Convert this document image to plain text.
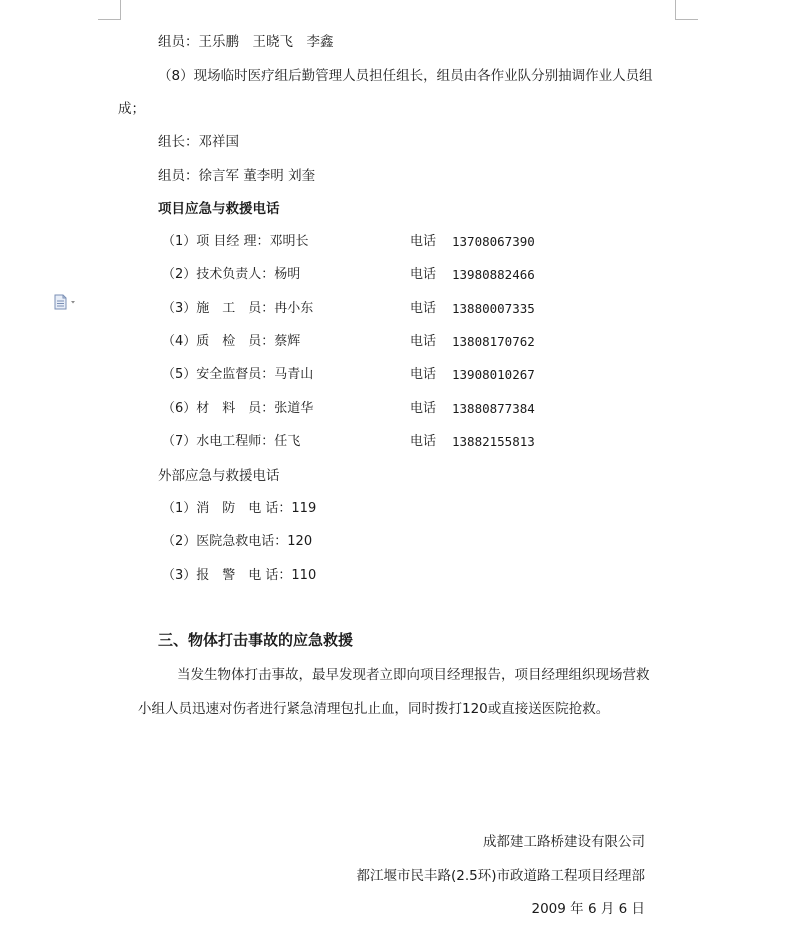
组员：王乐鹏　王晓飞　李鑫
（8）现场临时医疗组后勤管理人员担任组长，组员由各作业队分别抽调作业人员组
成；
组长：邓祥国
组员：徐言军 董李明 刘奎
项目应急与救援电话
（1）项 目经 理：邓明长	电话 13708067390
（2）技术负责人：杨明	电话 13980882466
（3）施　工　员：冉小东	电话 13880007335
（4）质　检　员：蔡辉	电话 13808170762
（5）安全监督员：马青山	电话 13908010267
（6）材　料　员：张道华	电话 13880877384
（7）水电工程师：任飞	电话 13882155813
外部应急与救援电话
（1）消　防　电 话：119
（2）医院急救电话：120
（3）报　警　电 话：110
三、物体打击事故的应急救援
当发生物体打击事故，最早发现者立即向项目经理报告，项目经理组织现场营救
小组人员迅速对伤者进行紧急清理包扎止血，同时拨打120或直接送医院抢救。
成都建工路桥建设有限公司
都江堰市民丰路(2.5环)市政道路工程项目经理部
2009 年 6 月 6 日
